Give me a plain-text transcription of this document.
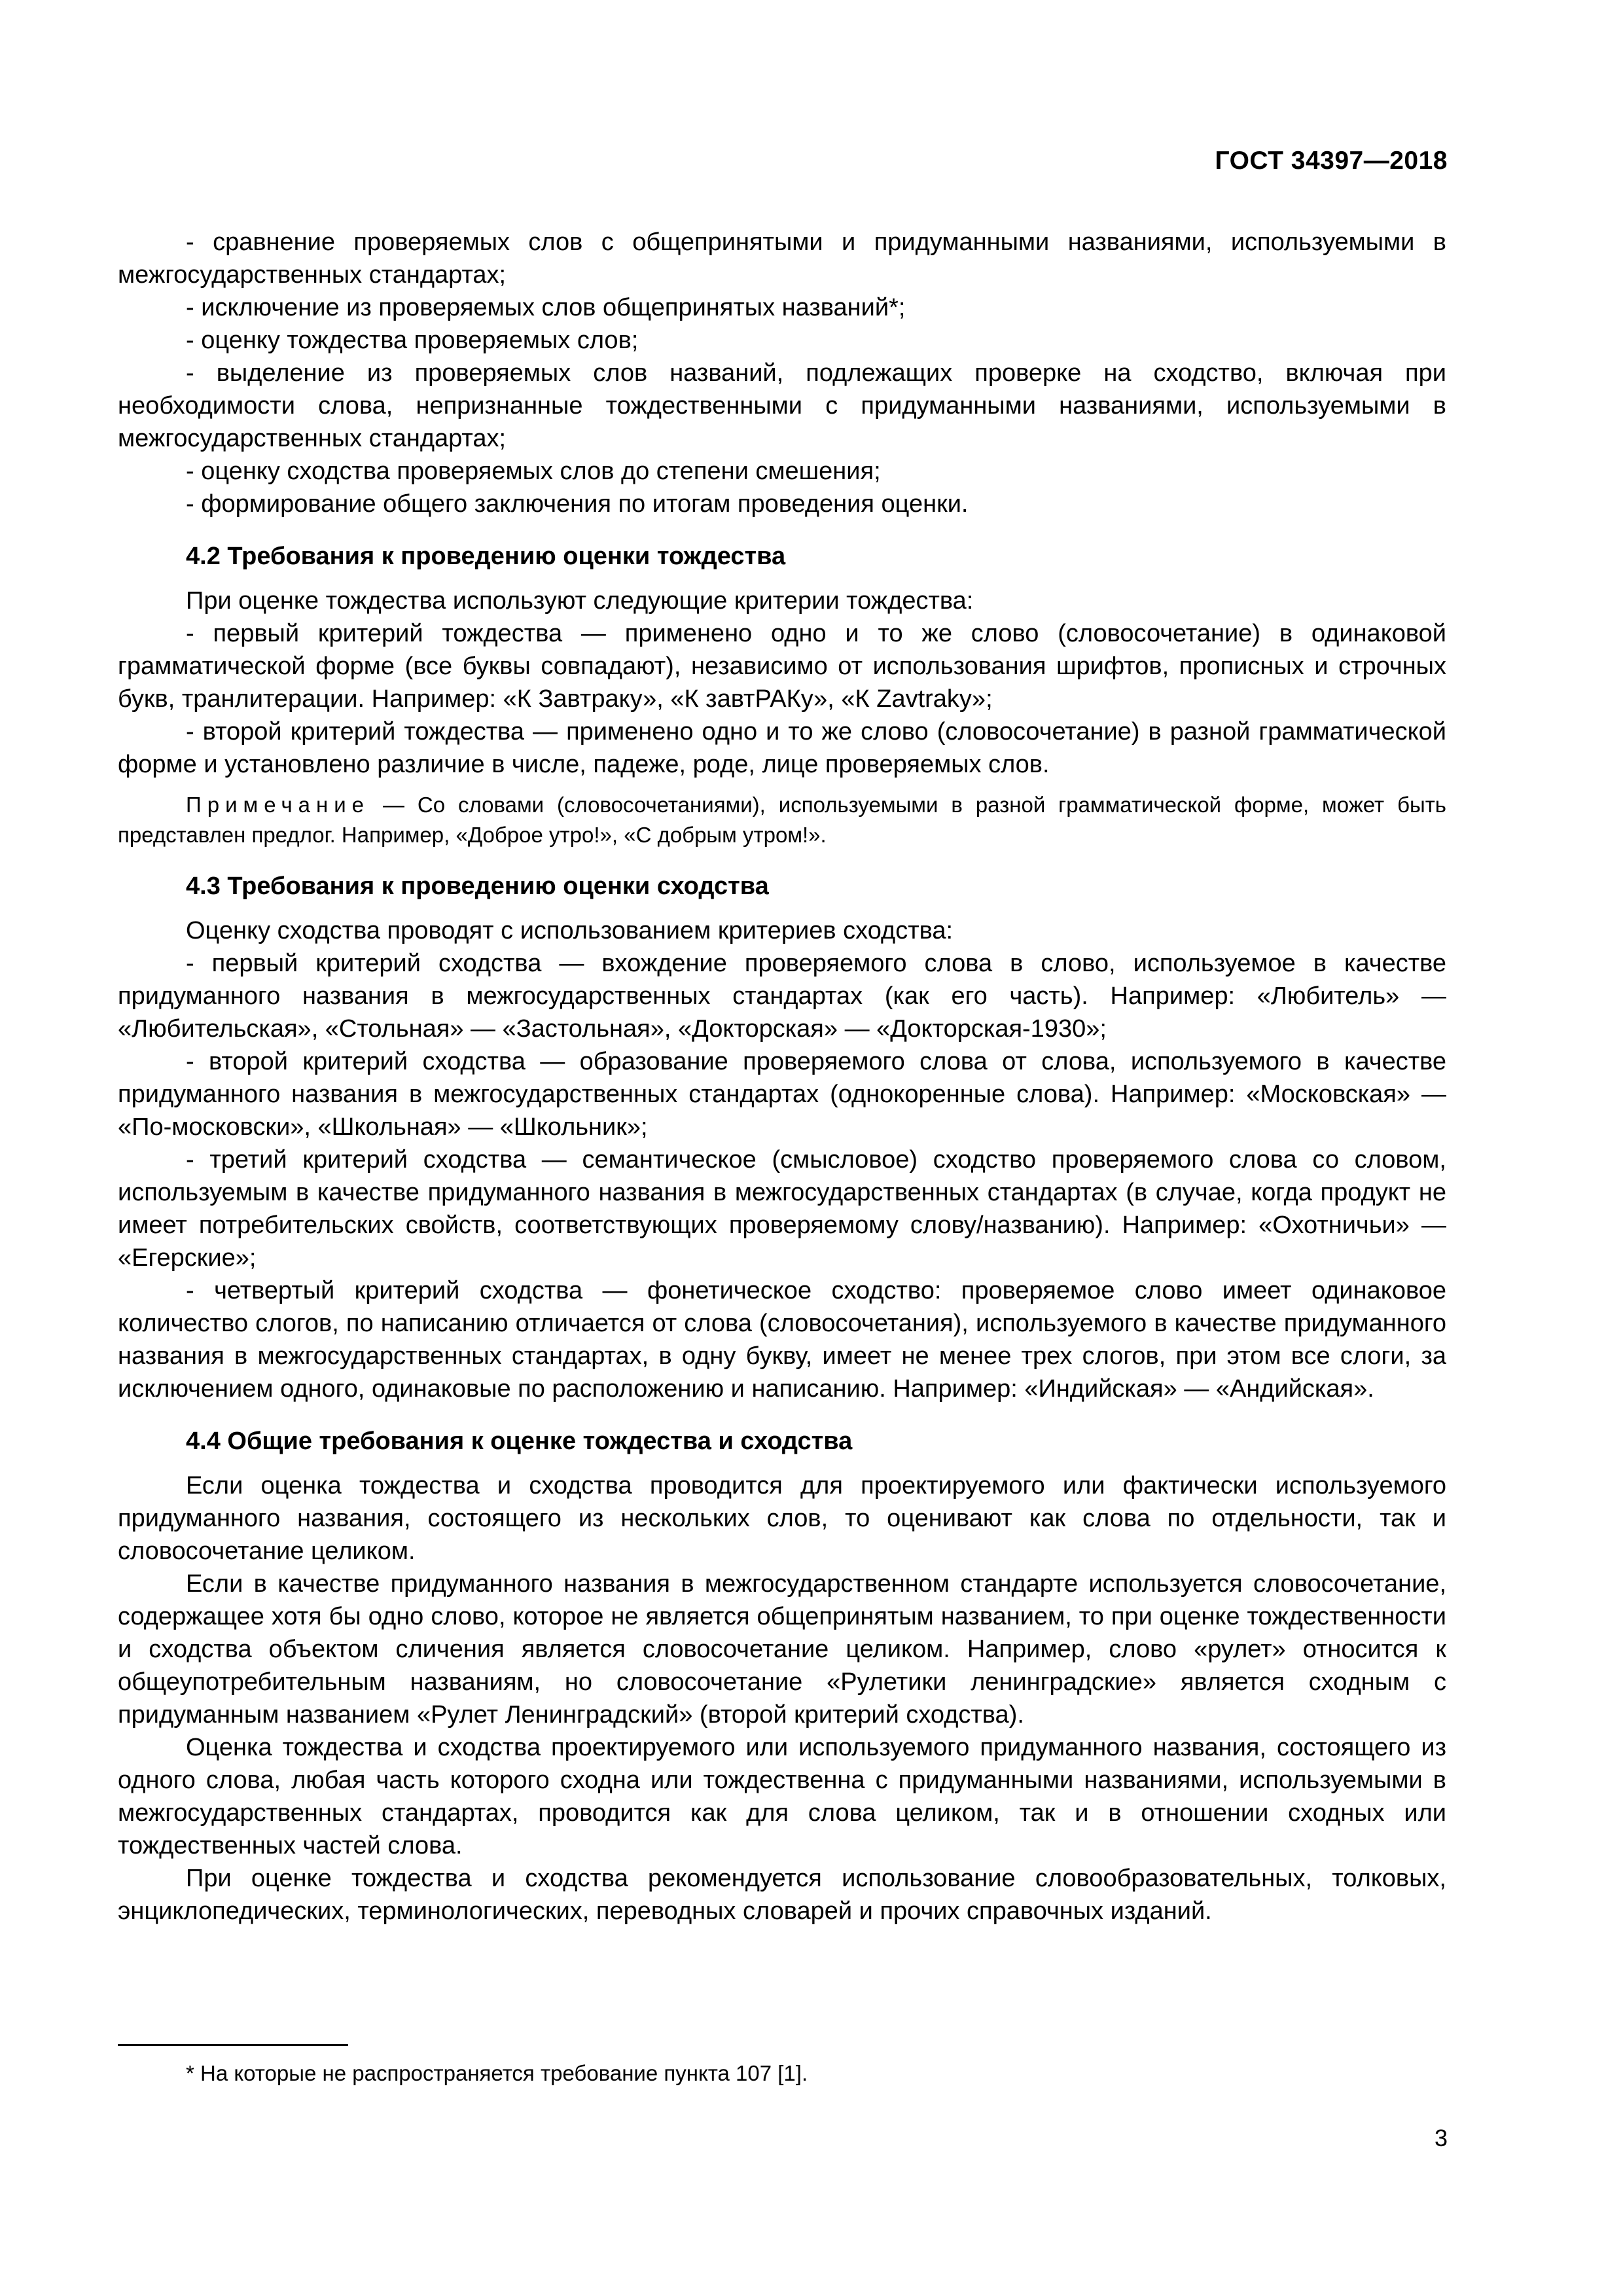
ГОСТ 34397—2018

- сравнение проверяемых слов с общепринятыми и придуманными названиями, используемыми в межгосударственных стандартах;

- исключение из проверяемых слов общепринятых названий*;

- оценку тождества проверяемых слов;

- выделение из проверяемых слов названий, подлежащих проверке на сходство, включая при необходимости слова, непризнанные тождественными с придуманными названиями, используемыми в межгосударственных стандартах;

- оценку сходства проверяемых слов до степени смешения;

- формирование общего заключения по итогам проведения оценки.

4.2 Требования к проведению оценки тождества

При оценке тождества используют следующие критерии тождества:

- первый критерий тождества — применено одно и то же слово (словосочетание) в одинаковой грамматической форме (все буквы совпадают), независимо от использования шрифтов, прописных и строчных букв, транлитерации. Например: «К Завтраку», «К завтРАКу», «К Zavtraky»;

- второй критерий тождества — применено одно и то же слово (словосочетание) в разной грамматической форме и установлено различие в числе, падеже, роде, лице проверяемых слов.

Примечание — Со словами (словосочетаниями), используемыми в разной грамматической форме, может быть представлен предлог. Например, «Доброе утро!», «С добрым утром!».

4.3 Требования к проведению оценки сходства

Оценку сходства проводят с использованием критериев сходства:

- первый критерий сходства — вхождение проверяемого слова в слово, используемое в качестве придуманного названия в межгосударственных стандартах (как его часть). Например: «Любитель» — «Любительская», «Стольная» — «Застольная», «Докторская» — «Докторская-1930»;

- второй критерий сходства — образование проверяемого слова от слова, используемого в качестве придуманного названия в межгосударственных стандартах (однокоренные слова). Например: «Московская» — «По-московски», «Школьная» — «Школьник»;

- третий критерий сходства — семантическое (смысловое) сходство проверяемого слова со словом, используемым в качестве придуманного названия в межгосударственных стандартах (в случае, когда продукт не имеет потребительских свойств, соответствующих проверяемому слову/названию). Например: «Охотничьи» — «Егерские»;

- четвертый критерий сходства — фонетическое сходство: проверяемое слово имеет одинаковое количество слогов, по написанию отличается от слова (словосочетания), используемого в качестве придуманного названия в межгосударственных стандартах, в одну букву, имеет не менее трех слогов, при этом все слоги, за исключением одного, одинаковые по расположению и написанию. Например: «Индийская» — «Андийская».

4.4 Общие требования к оценке тождества и сходства

Если оценка тождества и сходства проводится для проектируемого или фактически используемого придуманного названия, состоящего из нескольких слов, то оценивают как слова по отдельности, так и словосочетание целиком.

Если в качестве придуманного названия в межгосударственном стандарте используется словосочетание, содержащее хотя бы одно слово, которое не является общепринятым названием, то при оценке тождественности и сходства объектом сличения является словосочетание целиком. Например, слово «рулет» относится к общеупотребительным названиям, но словосочетание «Рулетики ленинградские» является сходным с придуманным названием «Рулет Ленинградский» (второй критерий сходства).

Оценка тождества и сходства проектируемого или используемого придуманного названия, состоящего из одного слова, любая часть которого сходна или тождественна с придуманными названиями, используемыми в межгосударственных стандартах, проводится как для слова целиком, так и в отношении сходных или тождественных частей слова.

При оценке тождества и сходства рекомендуется использование словообразовательных, толковых, энциклопедических, терминологических, переводных словарей и прочих справочных изданий.

* На которые не распространяется требование пункта 107 [1].
3
